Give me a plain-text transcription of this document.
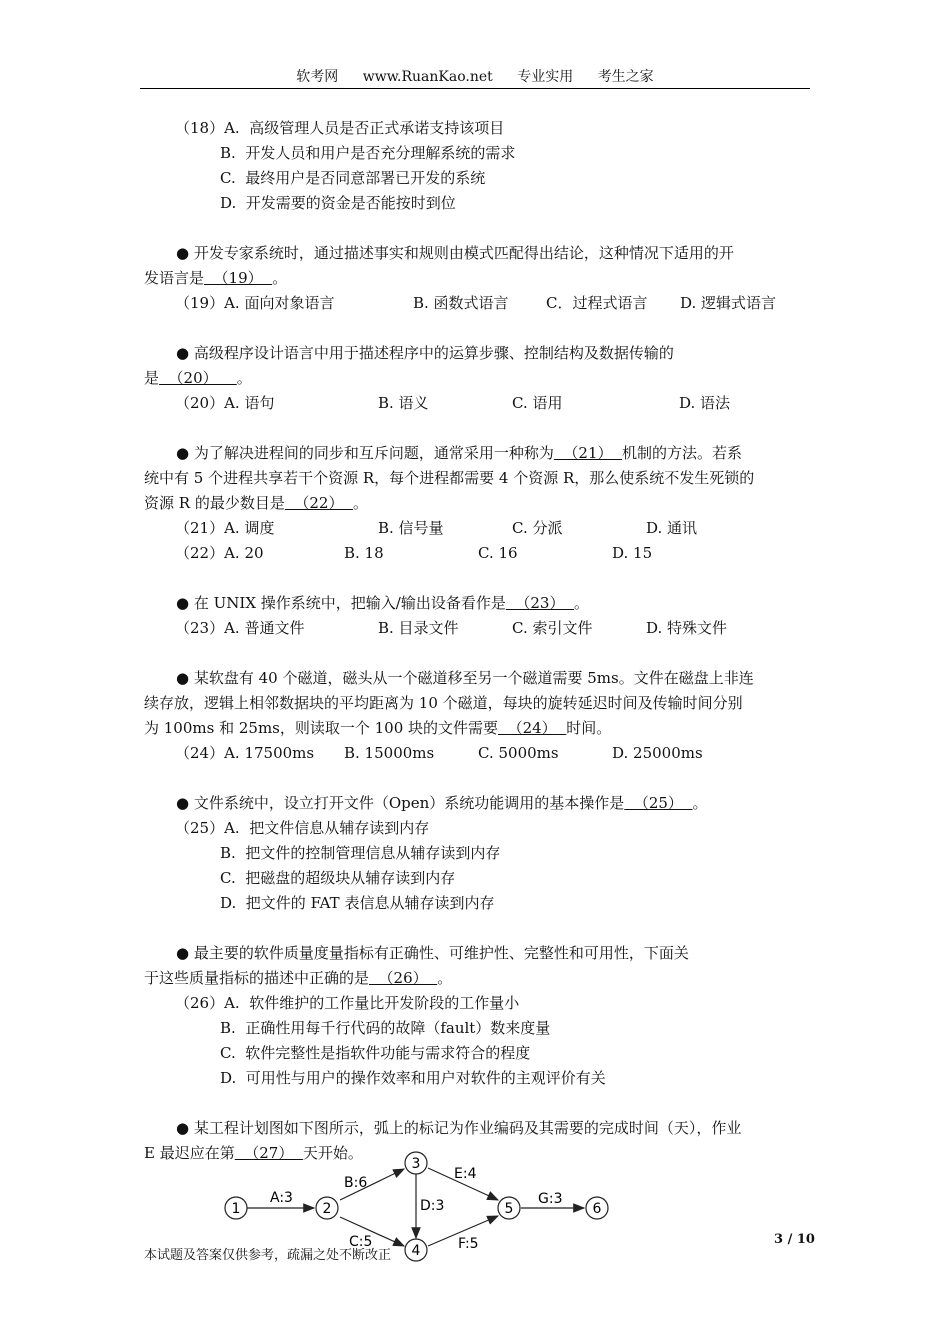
软考网 www.RuanKao.net 专业实用 考生之家

（18）A.  高级管理人员是否正式承诺支持该项目

B.  开发人员和用户是否充分理解系统的需求

C.  最终用户是否同意部署已开发的系统

D.  开发需要的资金是否能按时到位

● 开发专家系统时，通过描述事实和规则由模式匹配得出结论，这种情况下适用的开

发语言是  （19）  。

（19）A. 面向对象语言	B. 函数式语言	C．过程式语言	D. 逻辑式语言

● 高级程序设计语言中用于描述程序中的运算步骤、控制结构及数据传输的

是  （20）    。

（20）A. 语句	B. 语义	C. 语用	D. 语法

● 为了解决进程间的同步和互斥问题，通常采用一种称为  （21）  机制的方法。若系

统中有 5 个进程共享若干个资源 R，每个进程都需要 4 个资源 R，那么使系统不发生死锁的

资源 R 的最少数目是  （22）  。

（21）A. 调度	B. 信号量	C. 分派	D. 通讯
（22）A. 20	B. 18	C. 16	D. 15

● 在 UNIX 操作系统中，把输入/输出设备看作是  （23）  。

（23）A. 普通文件	B. 目录文件	C. 索引文件	D. 特殊文件

● 某软盘有 40 个磁道，磁头从一个磁道移至另一个磁道需要 5ms。文件在磁盘上非连

续存放，逻辑上相邻数据块的平均距离为 10 个磁道，每块的旋转延迟时间及传输时间分别

为 100ms 和 25ms，则读取一个 100 块的文件需要  （24）  时间。

（24）A. 17500ms	B. 15000ms	C. 5000ms	D. 25000ms

● 文件系统中，设立打开文件（Open）系统功能调用的基本操作是  （25）  。

（25）A.  把文件信息从辅存读到内存

B.  把文件的控制管理信息从辅存读到内存

C.  把磁盘的超级块从辅存读到内存

D.  把文件的 FAT 表信息从辅存读到内存

● 最主要的软件质量度量指标有正确性、可维护性、完整性和可用性，下面关

于这些质量指标的描述中正确的是  （26）  。

（26）A.  软件维护的工作量比开发阶段的工作量小

B.  正确性用每千行代码的故障（fault）数来度量

C.  软件完整性是指软件功能与需求符合的程度

D.  可用性与用户的操作效率和用户对软件的主观评价有关

● 某工程计划图如下图所示，弧上的标记为作业编码及其需要的完成时间（天），作业

E 最迟应在第  （27）  天开始。

A:3
B:6
C:5
D:3
E:4
F:5
G:3
1	2
3
4
5	6
3 / 10
本试题及答案仅供参考，疏漏之处不断改正
